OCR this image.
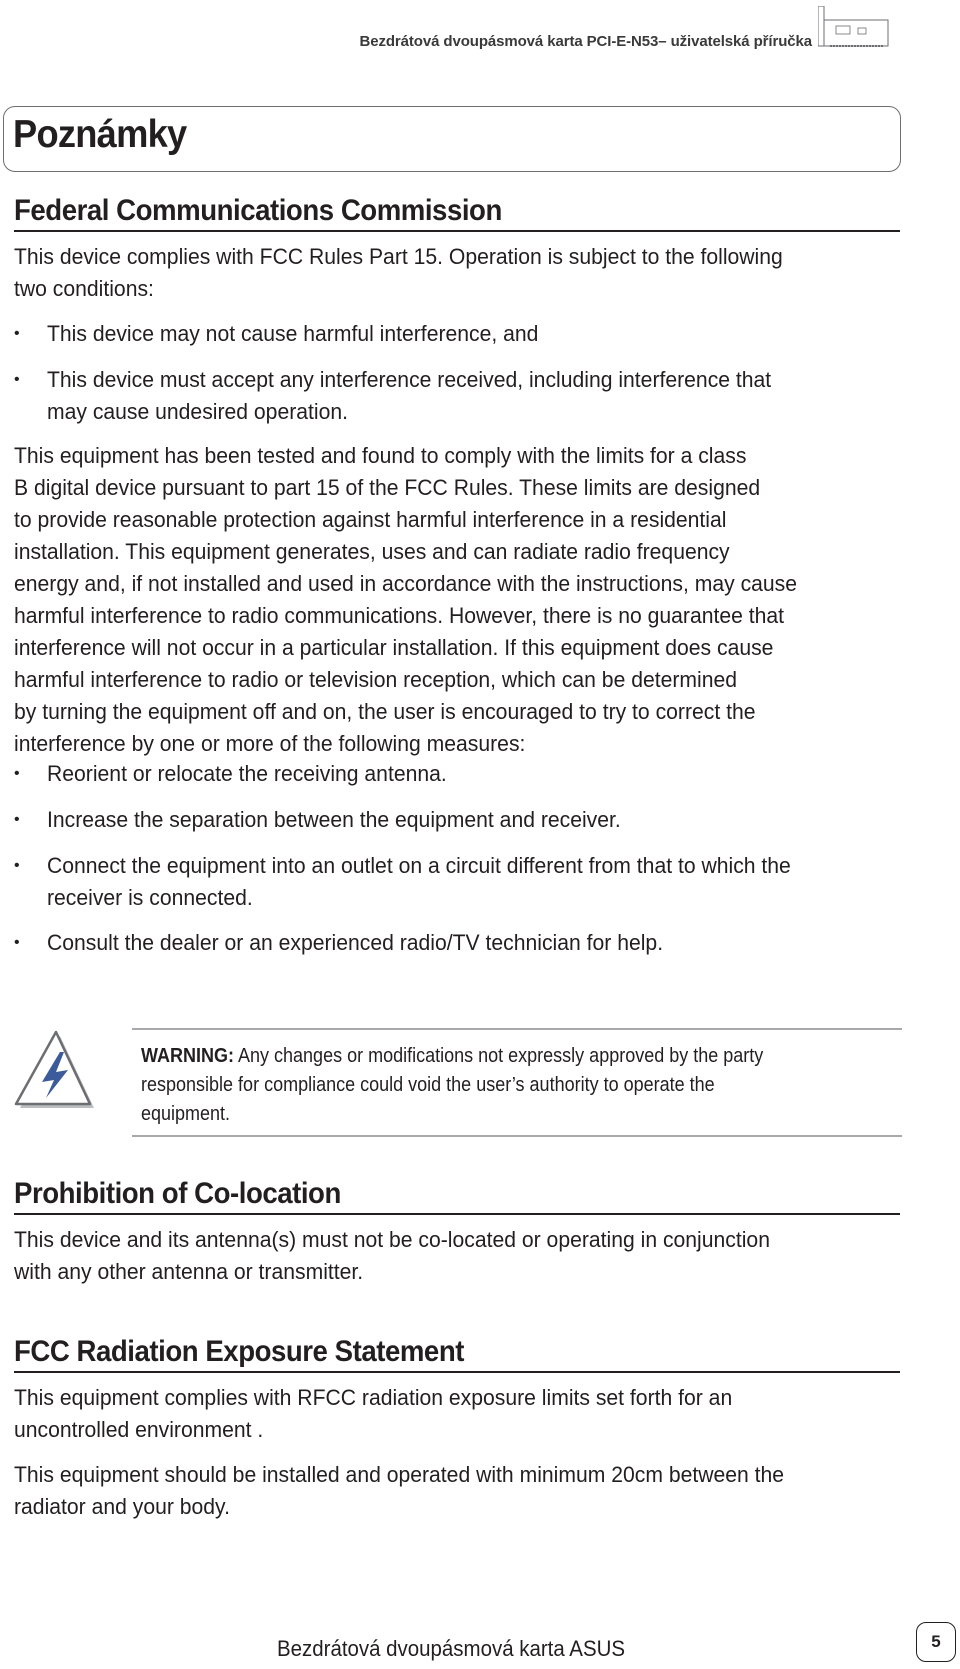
Bezdrátová dvoupásmová karta PCI-E-N53– uživatelská příručka
Poznámky
Federal Communications Commission
This device complies with FCC Rules Part 15. Operation is subject to the following
two conditions:
• This device may not cause harmful interference, and
• This device must accept any interference received, including interference that
may cause undesired operation.
This equipment has been tested and found to comply with the limits for a class
B digital device pursuant to part 15 of the FCC Rules. These limits are designed
to provide reasonable protection against harmful interference in a residential
installation. This equipment generates, uses and can radiate radio frequency
energy and, if not installed and used in accordance with the instructions, may cause
harmful interference to radio communications. However, there is no guarantee that
interference will not occur in a particular installation. If this equipment does cause
harmful interference to radio or television reception, which can be determined
by turning the equipment off and on, the user is encouraged to try to correct the
interference by one or more of the following measures:
• Reorient or relocate the receiving antenna.
• Increase the separation between the equipment and receiver.
• Connect the equipment into an outlet on a circuit different from that to which the
receiver is connected.
• Consult the dealer or an experienced radio/TV technician for help.
WARNING: Any changes or modifications not expressly approved by the party
responsible for compliance could void the user’s authority to operate the
equipment.
Prohibition of Co-location
This device and its antenna(s) must not be co-located or operating in conjunction
with any other antenna or transmitter.
FCC Radiation Exposure Statement
This equipment complies with RFCC radiation exposure limits set forth for an
uncontrolled environment .
This equipment should be installed and operated with minimum 20cm between the
radiator and your body.
Bezdrátová dvoupásmová karta ASUS	5
